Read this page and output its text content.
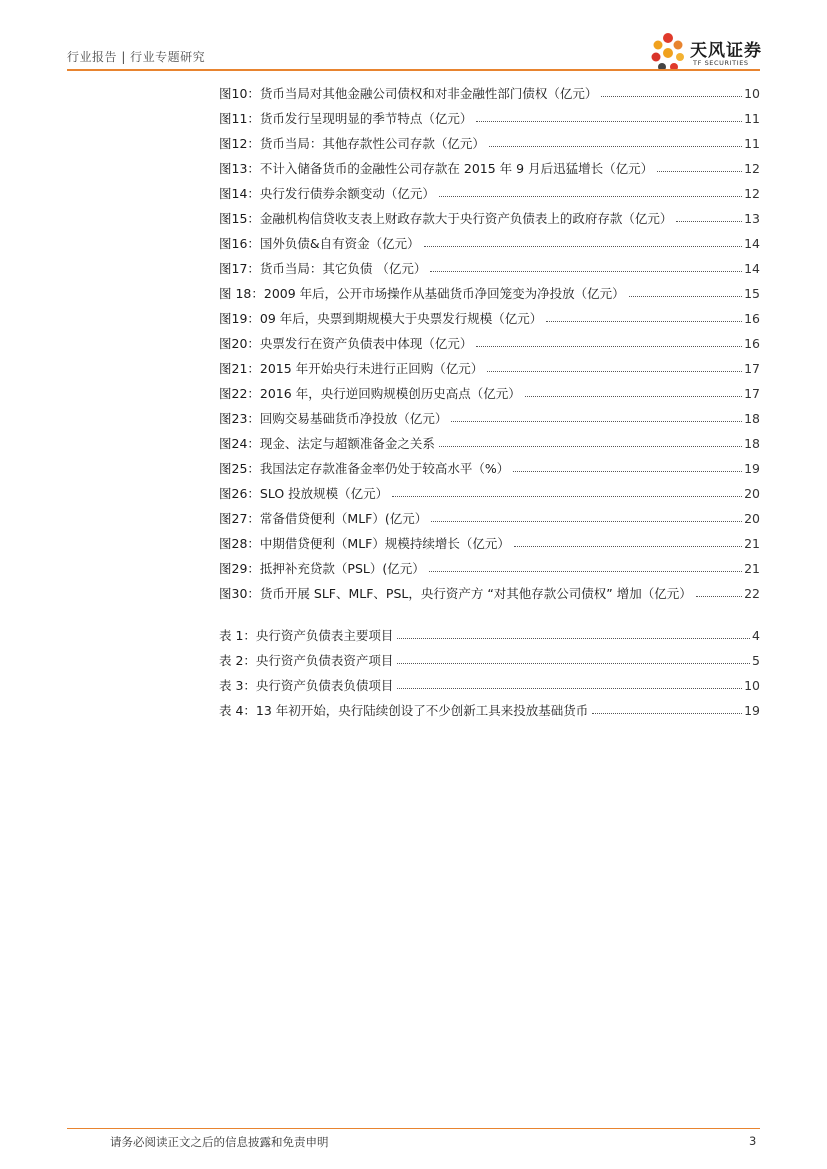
行业报告 | 行业专题研究	天风证券
TF SECURITIES
图10：货币当局对其他金融公司债权和对非金融性部门债权（亿元）	10
图11：货币发行呈现明显的季节特点（亿元）	11
图12：货币当局：其他存款性公司存款（亿元）	11
图13：不计入储备货币的金融性公司存款在 2015 年 9 月后迅猛增长（亿元）	12
图14：央行发行债券余额变动（亿元）	12
图15：金融机构信贷收支表上财政存款大于央行资产负债表上的政府存款（亿元）	13
图16：国外负债&自有资金（亿元）	14
图17：货币当局：其它负债 （亿元）	14
图 18：2009 年后，公开市场操作从基础货币净回笼变为净投放（亿元）	15
图19：09 年后，央票到期规模大于央票发行规模（亿元）	16
图20：央票发行在资产负债表中体现（亿元）	16
图21：2015 年开始央行未进行正回购（亿元）	17
图22：2016 年，央行逆回购规模创历史高点（亿元）	17
图23：回购交易基础货币净投放（亿元）	18
图24：现金、法定与超额准备金之关系	18
图25：我国法定存款准备金率仍处于较高水平（%）	19
图26：SLO 投放规模（亿元）	20
图27：常备借贷便利（MLF）(亿元）	20
图28：中期借贷便利（MLF）规模持续增长（亿元）	21
图29：抵押补充贷款（PSL）(亿元）	21
图30：货币开展 SLF、MLF、PSL，央行资产方 “对其他存款公司债权” 增加（亿元）	22
表 1：央行资产负债表主要项目	4
表 2：央行资产负债表资产项目	5
表 3：央行资产负债表负债项目	10
表 4：13 年初开始，央行陆续创设了不少创新工具来投放基础货币	19
请务必阅读正文之后的信息披露和免责申明	3
